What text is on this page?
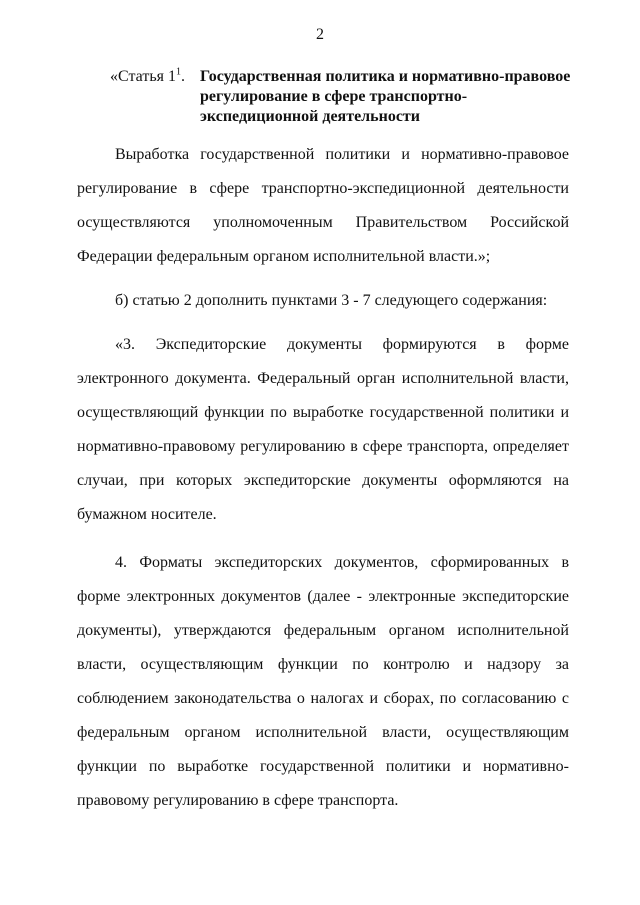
2
«Статья $1^1$. Государственная политика и нормативно-правовое регулирование в сфере транспортно-экспедиционной деятельности

Выработка государственной политики и нормативно-правовое регулирование в сфере транспортно-экспедиционной деятельности осуществляются уполномоченным Правительством Российской Федерации федеральным органом исполнительной власти.»;

б) статью 2 дополнить пунктами 3 - 7 следующего содержания:

«3. Экспедиторские документы формируются в форме электронного документа. Федеральный орган исполнительной власти, осуществляющий функции по выработке государственной политики и нормативно-правовому регулированию в сфере транспорта, определяет случаи, при которых экспедиторские документы оформляются на бумажном носителе.

4. Форматы экспедиторских документов, сформированных в форме электронных документов (далее - электронные экспедиторские документы), утверждаются федеральным органом исполнительной власти, осуществляющим функции по контролю и надзору за соблюдением законодательства о налогах и сборах, по согласованию с федеральным органом исполнительной власти, осуществляющим функции по выработке государственной политики и нормативно-правовому регулированию в сфере транспорта.
